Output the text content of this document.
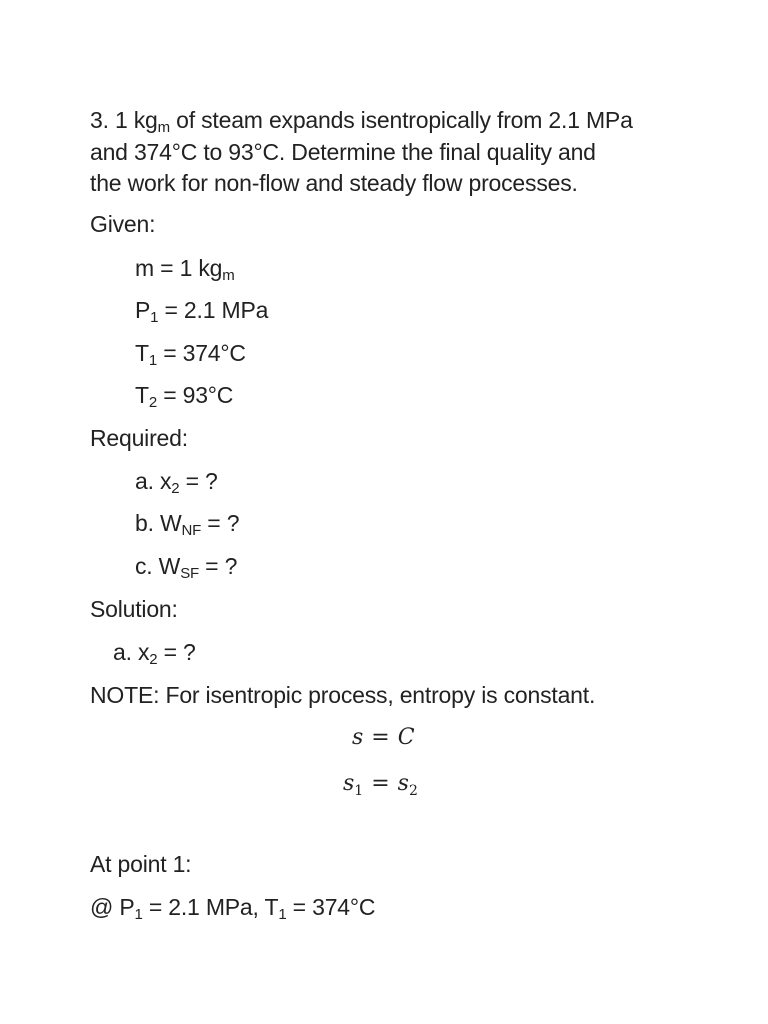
3. 1 $kg_m$ of steam expands isentropically from 2.1 MPa
and 374°C to 93°C. Determine the final quality and
the work for non-flow and steady flow processes.
Given:
m = 1 $kg_m$
$P_1 = 2.1$ MPa
$T_1 = 374^\circ C$
$T_2 = 93^\circ C$
Required:
a. $x_2$ = ?
b. $W_{NF}$ = ?
c. $W_{SF}$ = ?
Solution:
a. $x_2$ = ?
NOTE: For isentropic process, entropy is constant.
s = C
$s_1 = s_2$
At point 1:
@ $P_1 = 2.1$ MPa, $T_1 = 374^\circ C$
